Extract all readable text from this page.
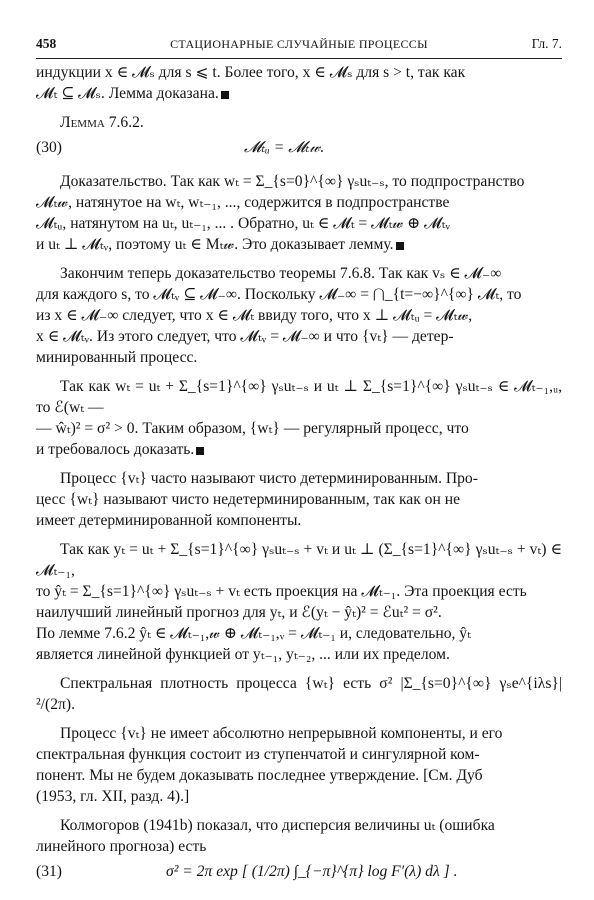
458	СТАЦИОНАРНЫЕ СЛУЧАЙНЫЕ ПРОЦЕССЫ	Гл. 7.

индукции x ∈ 𝓜ₛ для s ⩽ t. Более того, x ∈ 𝓜ₛ для s > t, так как

𝓜ₜ ⊆ 𝓜ₛ. Лемма доказана.

Лемма 7.6.2.

(30)	𝓜ₜᵤ = 𝓜ₜ𝓌.

Доказательство. Так как wₜ = Σ_{s=0}^{∞} γₛuₜ₋ₛ, то подпространство

𝓜ₜ𝓌, натянутое на wₜ, wₜ₋₁, ..., содержится в подпространстве

𝓜ₜᵤ, натянутом на uₜ, uₜ₋₁, ... . Обратно, uₜ ∈ 𝓜ₜ = 𝓜ₜ𝓌 ⊕ 𝓜ₜᵥ

и uₜ ⊥ 𝓜ₜᵥ, поэтому uₜ ∈ Mₜ𝓌. Это доказывает лемму.

Закончим теперь доказательство теоремы 7.6.8. Так как vₛ ∈ 𝓜₋∞

для каждого s, то 𝓜ₜᵥ ⊆ 𝓜₋∞. Поскольку 𝓜₋∞ = ⋂_{t=−∞}^{∞} 𝓜ₜ, то

из x ∈ 𝓜₋∞ следует, что x ∈ 𝓜ₜ ввиду того, что x ⊥ 𝓜ₜᵤ = 𝓜ₜ𝓌,

x ∈ 𝓜ₜᵥ. Из этого следует, что 𝓜ₜᵥ = 𝓜₋∞ и что {vₜ} — детер-

минированный процесс.

Так как wₜ = uₜ + Σ_{s=1}^{∞} γₛuₜ₋ₛ и uₜ ⊥ Σ_{s=1}^{∞} γₛuₜ₋ₛ ∈ 𝓜ₜ₋₁,ᵤ, то ℰ(wₜ —

— ŵₜ)² = σ² > 0. Таким образом, {wₜ} — регулярный процесс, что

и требовалось доказать.

Процесс {vₜ} часто называют чисто детерминированным. Про-

цесс {wₜ} называют чисто недетерминированным, так как он не

имеет детерминированной компоненты.

Так как yₜ = uₜ + Σ_{s=1}^{∞} γₛuₜ₋ₛ + vₜ и uₜ ⊥ (Σ_{s=1}^{∞} γₛuₜ₋ₛ + vₜ) ∈ 𝓜ₜ₋₁,

то ŷₜ = Σ_{s=1}^{∞} γₛuₜ₋ₛ + vₜ есть проекция на 𝓜ₜ₋₁. Эта проекция есть

наилучший линейный прогноз для yₜ, и ℰ(yₜ − ŷₜ)² = ℰuₜ² = σ².

По лемме 7.6.2 ŷₜ ∈ 𝓜ₜ₋₁,𝓌 ⊕ 𝓜ₜ₋₁,ᵥ = 𝓜ₜ₋₁ и, следовательно, ŷₜ

является линейной функцией от yₜ₋₁, yₜ₋₂, ... или их пределом.

Спектральная плотность процесса {wₜ} есть σ² |Σ_{s=0}^{∞} γₛe^{iλs}|²/(2π).

Процесс {vₜ} не имеет абсолютно непрерывной компоненты, и его

спектральная функция состоит из ступенчатой и сингулярной ком-

понент. Мы не будем доказывать последнее утверждение. [См. Дуб

(1953, гл. XII, разд. 4).]

Колмогоров (1941b) показал, что дисперсия величины uₜ (ошибка

линейного прогноза) есть

(31)	σ² = 2π exp [ (1/2π) ∫_{−π}^{π} log F′(λ) dλ ] .
